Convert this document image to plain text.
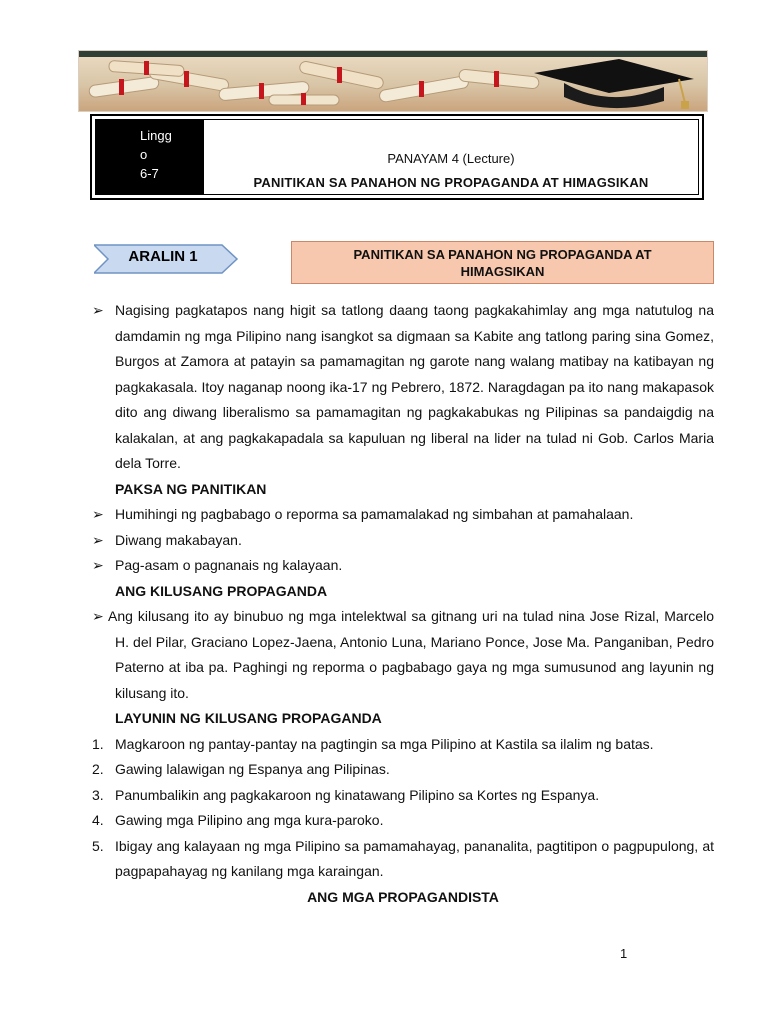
Lingg
o
6-7
PANAYAM 4 (Lecture)
PANITIKAN SA PANAHON NG PROPAGANDA AT HIMAGSIKAN
ARALIN 1	PANITIKAN SA PANAHON NG PROPAGANDA AT
HIMAGSIKAN
➢ Nagising pagkatapos nang higit sa tatlong daang taong pagkakahimlay ang mga natutulog na damdamin ng mga Pilipino nang isangkot sa digmaan sa Kabite ang tatlong paring sina Gomez, Burgos at Zamora at patayin sa pamamagitan ng garote nang walang matibay na katibayan ng pagkakasala. Itoy naganap noong ika-17 ng Pebrero, 1872. Naragdagan pa ito nang makapasok dito ang diwang liberalismo sa pamamagitan ng pagkakabukas ng Pilipinas sa pandaigdig na kalakalan, at ang pagkakapadala sa kapuluan ng liberal na lider na tulad ni Gob. Carlos Maria dela Torre.
PAKSA NG PANITIKAN
➢ Humihingi ng pagbabago o reporma sa pamamalakad ng simbahan at pamahalaan.
➢ Diwang makabayan.
➢ Pag-asam o pagnanais ng kalayaan.
ANG KILUSANG PROPAGANDA
➢ Ang kilusang ito ay binubuo ng mga intelektwal sa gitnang uri na tulad nina Jose Rizal, Marcelo H. del Pilar, Graciano Lopez-Jaena, Antonio Luna, Mariano Ponce, Jose Ma. Panganiban, Pedro Paterno at iba pa. Paghingi ng reporma o pagbabago gaya ng mga sumusunod ang layunin ng kilusang ito.
LAYUNIN NG KILUSANG PROPAGANDA
1. Magkaroon ng pantay-pantay na pagtingin sa mga Pilipino at Kastila sa ilalim ng batas.
2. Gawing lalawigan ng Espanya ang Pilipinas.
3. Panumbalikin ang pagkakaroon ng kinatawang Pilipino sa Kortes ng Espanya.
4. Gawing mga Pilipino ang mga kura-paroko.
5. Ibigay ang kalayaan ng mga Pilipino sa pamamahayag, pananalita, pagtitipon o pagpupulong, at pagpapahayag ng kanilang mga karaingan.
ANG MGA PROPAGANDISTA
1
